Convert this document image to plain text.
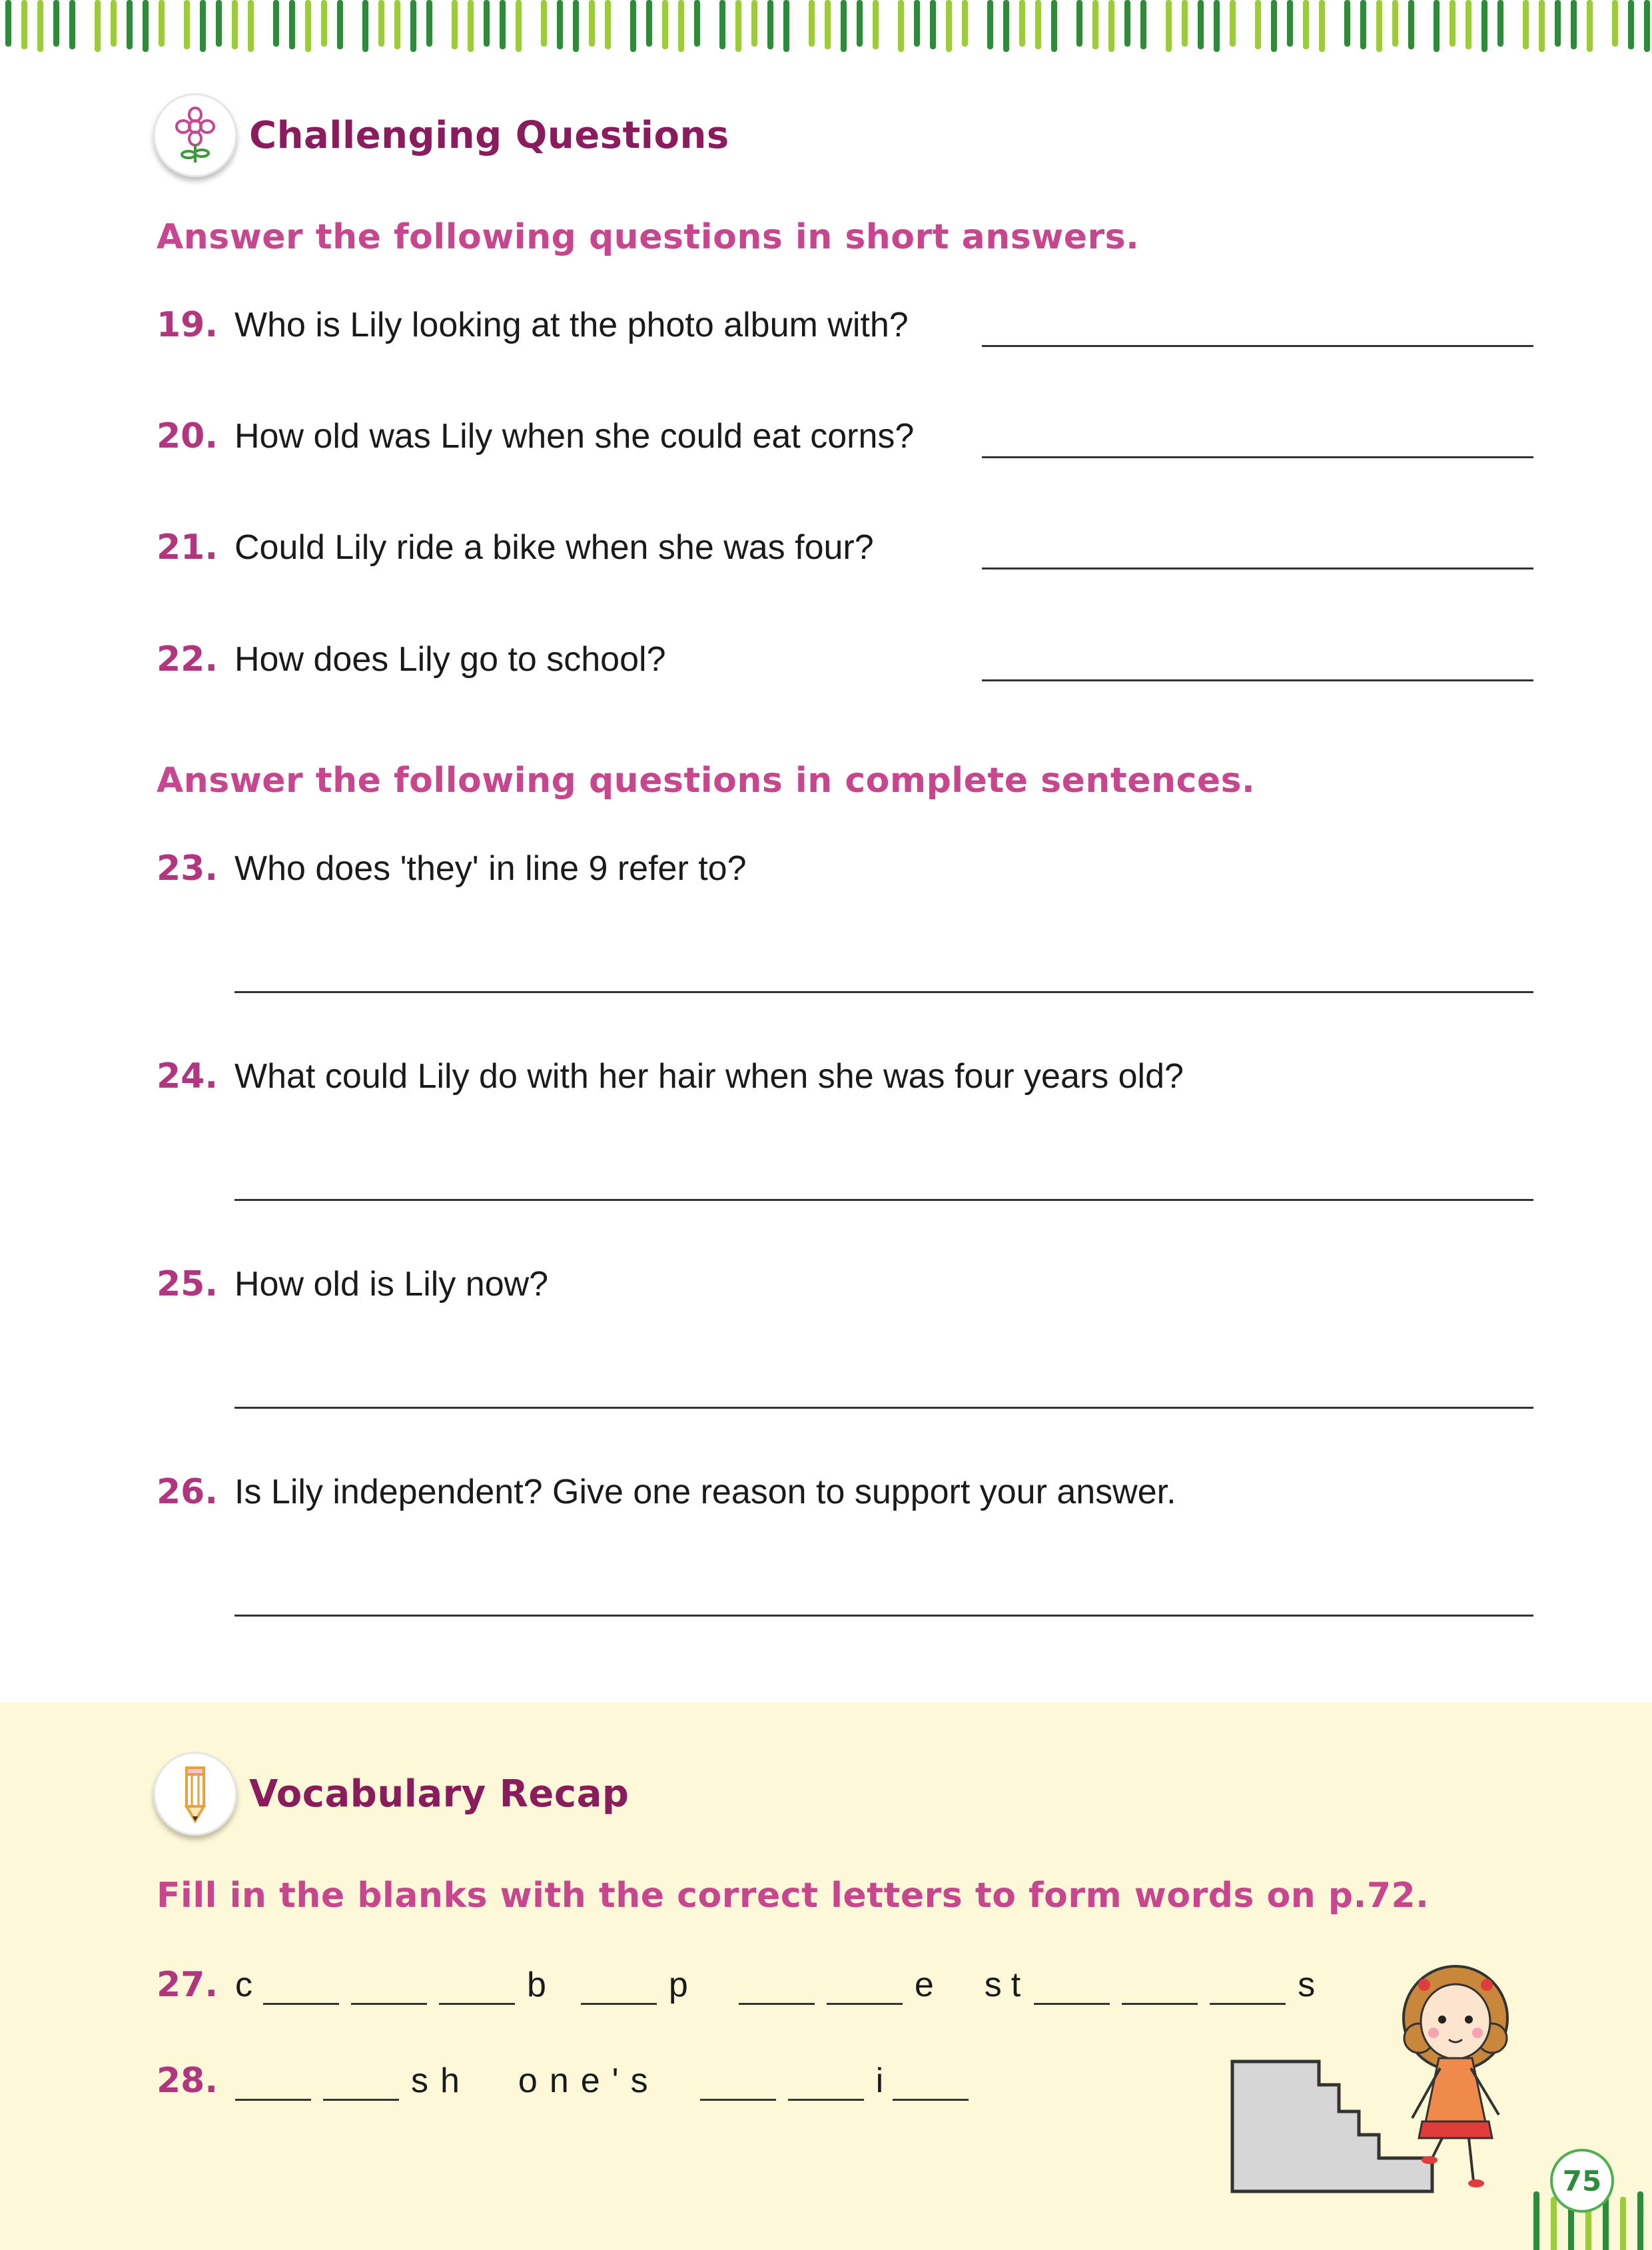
Challenging Questions
Answer the following questions in short answers.
19. Who is Lily looking at the photo album with?
20. How old was Lily when she could eat corns?
21. Could Lily ride a bike when she was four?
22. How does Lily go to school?
Answer the following questions in complete sentences.
23. Who does 'they' in line 9 refer to?
24. What could Lily do with her hair when she was four years old?
25. How old is Lily now?
26. Is Lily independent? Give one reason to support your answer.
Vocabulary Recap
Fill in the blanks with the correct letters to form words on p.72.
27. c	b	p	e st	s
28.	sh one's	i
75
